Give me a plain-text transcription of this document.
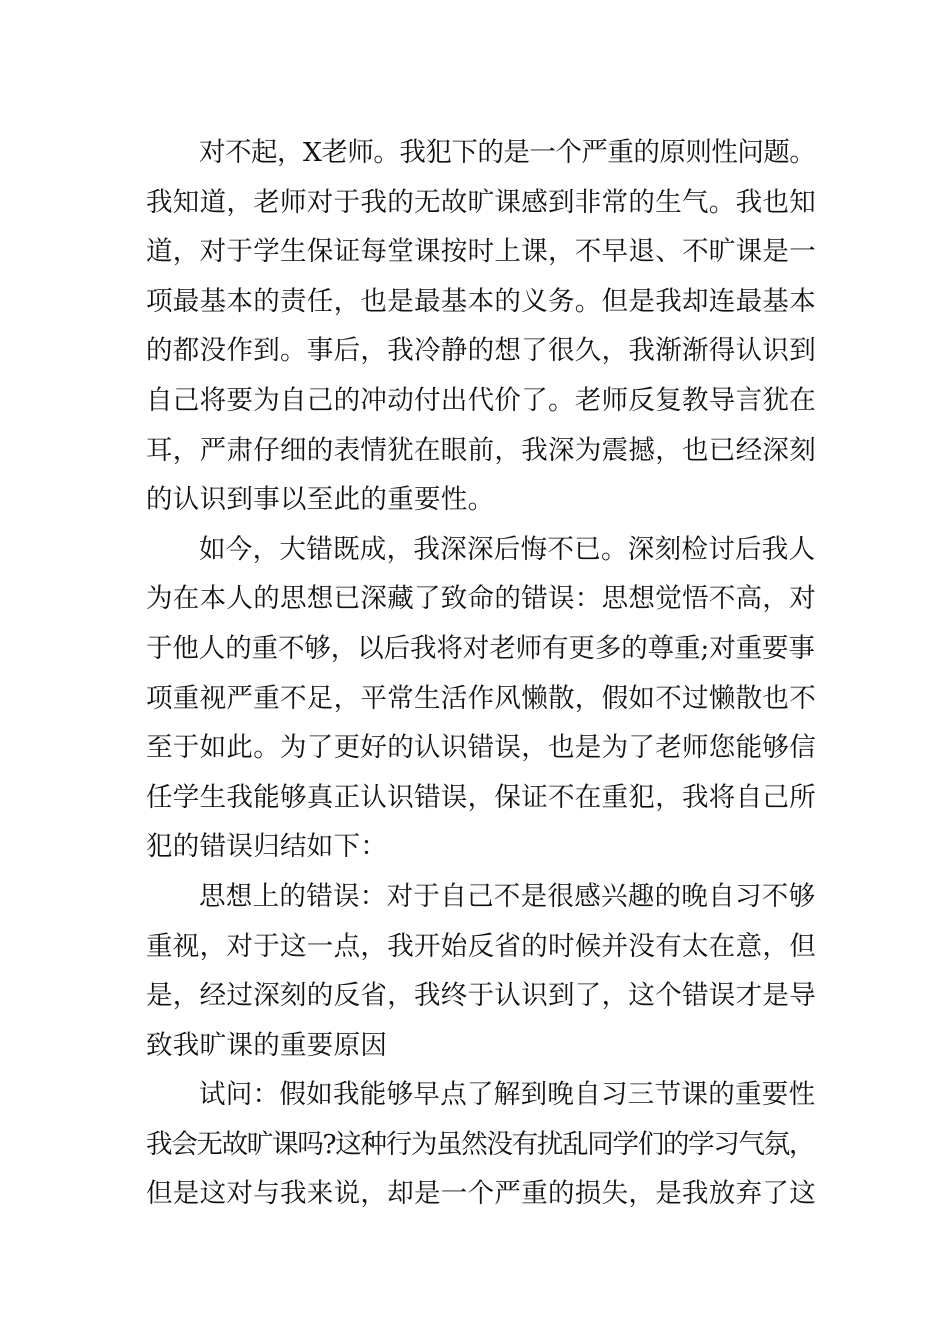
对不起，X老师。我犯下的是一个严重的原则性问题。
我知道，老师对于我的无故旷课感到非常的生气。我也知
道，对于学生保证每堂课按时上课，不早退、不旷课是一
项最基本的责任，也是最基本的义务。但是我却连最基本
的都没作到。事后，我冷静的想了很久，我渐渐得认识到
自己将要为自己的冲动付出代价了。老师反复教导言犹在
耳，严肃仔细的表情犹在眼前，我深为震撼，也已经深刻
的认识到事以至此的重要性。
如今，大错既成，我深深后悔不已。深刻检讨后我人
为在本人的思想已深藏了致命的错误：思想觉悟不高，对
于他人的重不够，以后我将对老师有更多的尊重;对重要事
项重视严重不足，平常生活作风懒散，假如不过懒散也不
至于如此。为了更好的认识错误，也是为了老师您能够信
任学生我能够真正认识错误，保证不在重犯，我将自己所
犯的错误归结如下：
思想上的错误：对于自己不是很感兴趣的晚自习不够
重视，对于这一点，我开始反省的时候并没有太在意，但
是，经过深刻的反省，我终于认识到了，这个错误才是导
致我旷课的重要原因
试问：假如我能够早点了解到晚自习三节课的重要性
我会无故旷课吗?这种行为虽然没有扰乱同学们的学习气氛，
但是这对与我来说，却是一个严重的损失，是我放弃了这
